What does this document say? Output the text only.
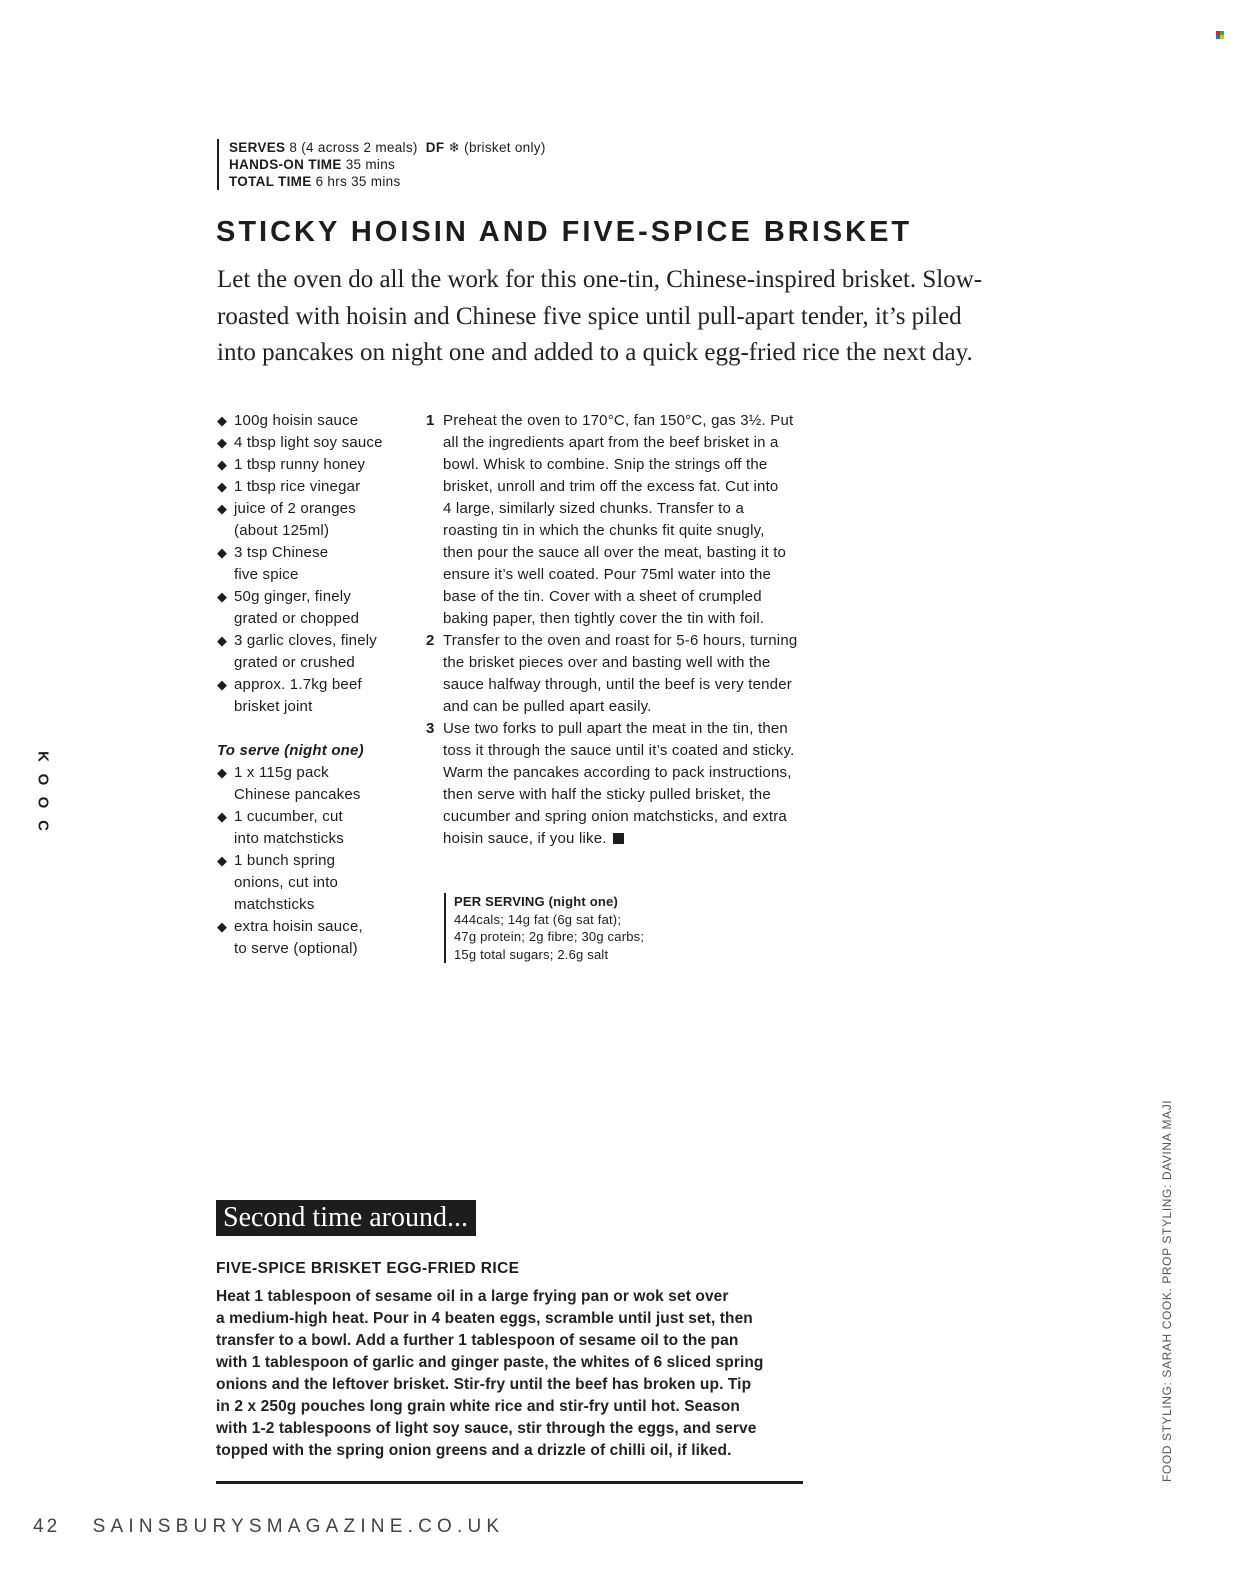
SERVES 8 (4 across 2 meals) DF ❄ (brisket only)
HANDS-ON TIME 35 mins
TOTAL TIME 6 hrs 35 mins
STICKY HOISIN AND FIVE-SPICE BRISKET
Let the oven do all the work for this one-tin, Chinese-inspired brisket. Slow-
roasted with hoisin and Chinese five spice until pull-apart tender, it’s piled
into pancakes on night one and added to a quick egg-fried rice the next day.
◆ 100g hoisin sauce
◆ 4 tbsp light soy sauce
◆ 1 tbsp runny honey
◆ 1 tbsp rice vinegar
◆ juice of 2 oranges
(about 125ml)
◆ 3 tsp Chinese
five spice
◆ 50g ginger, finely
grated or chopped
◆ 3 garlic cloves, finely
grated or crushed
◆ approx. 1.7kg beef
brisket joint
To serve (night one)
◆ 1 x 115g pack
Chinese pancakes
◆ 1 cucumber, cut
into matchsticks
◆ 1 bunch spring
onions, cut into
matchsticks
◆ extra hoisin sauce,
to serve (optional)
1 Preheat the oven to 170°C, fan 150°C, gas 3½. Put
all the ingredients apart from the beef brisket in a
bowl. Whisk to combine. Snip the strings off the
brisket, unroll and trim off the excess fat. Cut into
4 large, similarly sized chunks. Transfer to a
roasting tin in which the chunks fit quite snugly,
then pour the sauce all over the meat, basting it to
ensure it’s well coated. Pour 75ml water into the
base of the tin. Cover with a sheet of crumpled
baking paper, then tightly cover the tin with foil.
2 Transfer to the oven and roast for 5-6 hours, turning
the brisket pieces over and basting well with the
sauce halfway through, until the beef is very tender
and can be pulled apart easily.
3 Use two forks to pull apart the meat in the tin, then
toss it through the sauce until it’s coated and sticky.
Warm the pancakes according to pack instructions,
then serve with half the sticky pulled brisket, the
cucumber and spring onion matchsticks, and extra
hoisin sauce, if you like.
PER SERVING (night one)
444cals; 14g fat (6g sat fat);
47g protein; 2g fibre; 30g carbs;
15g total sugars; 2.6g salt
K
O
O
C
Second time around...
FIVE-SPICE BRISKET EGG-FRIED RICE
Heat 1 tablespoon of sesame oil in a large frying pan or wok set over
a medium-high heat. Pour in 4 beaten eggs, scramble until just set, then
transfer to a bowl. Add a further 1 tablespoon of sesame oil to the pan
with 1 tablespoon of garlic and ginger paste, the whites of 6 sliced spring
onions and the leftover brisket. Stir-fry until the beef has broken up. Tip
in 2 x 250g pouches long grain white rice and stir-fry until hot. Season
with 1-2 tablespoons of light soy sauce, stir through the eggs, and serve
topped with the spring onion greens and a drizzle of chilli oil, if liked.	FOOD STYLING: SARAH COOK. PROP STYLING: DAVINA MAJI
42 SAINSBURYSMAGAZINE.CO.UK
